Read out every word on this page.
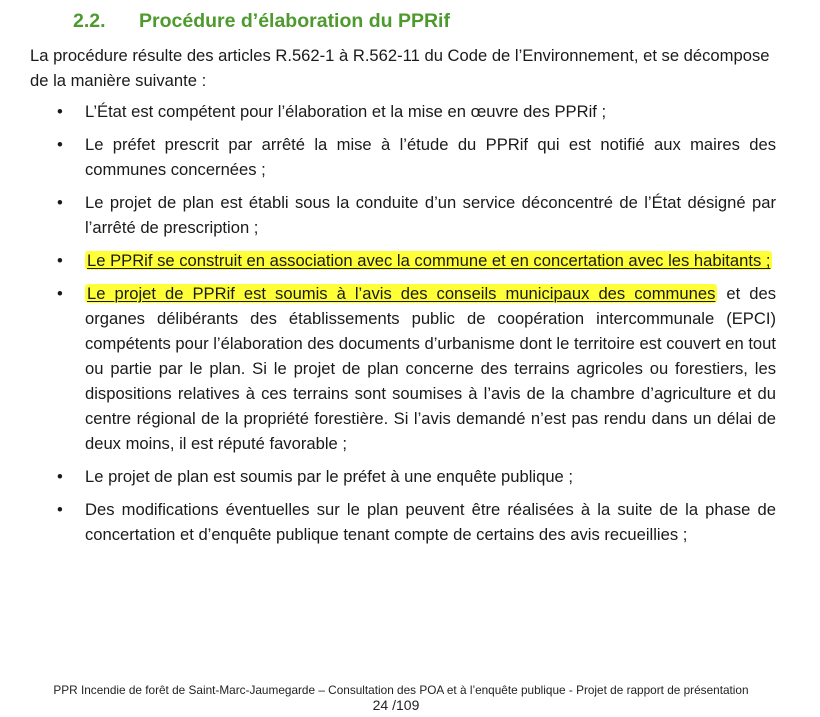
2.2. Procédure d’élaboration du PPRif
La procédure résulte des articles R.562-1 à R.562-11 du Code de l’Environnement, et se décompose de la manière suivante :
• L’État est compétent pour l’élaboration et la mise en œuvre des PPRif ;
• Le préfet prescrit par arrêté la mise à l’étude du PPRif qui est notifié aux maires des communes concernées ;
• Le projet de plan est établi sous la conduite d’un service déconcentré de l’État désigné par l’arrêté de prescription ;
• Le PPRif se construit en association avec la commune et en concertation avec les habitants ;
• Le projet de PPRif est soumis à l’avis des conseils municipaux des communes et des organes délibérants des établissements public de coopération intercommunale (EPCI) compétents pour l’élaboration des documents d’urbanisme dont le territoire est couvert en tout ou partie par le plan. Si le projet de plan concerne des terrains agricoles ou forestiers, les dispositions relatives à ces terrains sont soumises à l’avis de la chambre d’agriculture et du centre régional de la propriété forestière. Si l’avis demandé n’est pas rendu dans un délai de deux moins, il est réputé favorable ;
• Le projet de plan est soumis par le préfet à une enquête publique ;
• Des modifications éventuelles sur le plan peuvent être réalisées à la suite de la phase de concertation et d’enquête publique tenant compte de certains des avis recueillies ;
PPR Incendie de forêt de Saint-Marc-Jaumegarde – Consultation des POA et à l’enquête publique - Projet de rapport de présentation
24 /109
